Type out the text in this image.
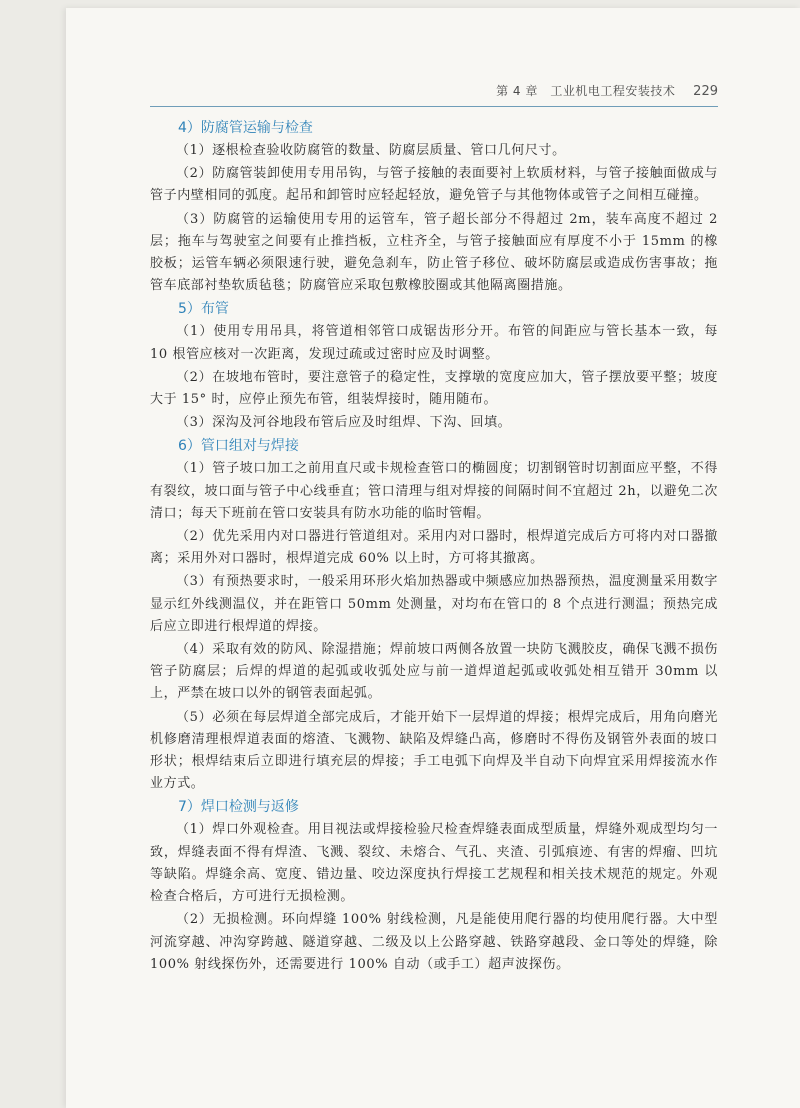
第 4 章　工业机电工程安装技术 229
4）防腐管运输与检查

（1）逐根检查验收防腐管的数量、防腐层质量、管口几何尺寸。

（2）防腐管装卸使用专用吊钩，与管子接触的表面要衬上软质材料，与管子接触面做成与管子内壁相同的弧度。起吊和卸管时应轻起轻放，避免管子与其他物体或管子之间相互碰撞。

（3）防腐管的运输使用专用的运管车，管子超长部分不得超过 2m，装车高度不超过 2 层；拖车与驾驶室之间要有止推挡板，立柱齐全，与管子接触面应有厚度不小于 15mm 的橡胶板；运管车辆必须限速行驶，避免急刹车，防止管子移位、破坏防腐层或造成伤害事故；拖管车底部衬垫软质毡毯；防腐管应采取包敷橡胶圈或其他隔离圈措施。

5）布管

（1）使用专用吊具，将管道相邻管口成锯齿形分开。布管的间距应与管长基本一致，每 10 根管应核对一次距离，发现过疏或过密时应及时调整。

（2）在坡地布管时，要注意管子的稳定性，支撑墩的宽度应加大，管子摆放要平整；坡度大于 15° 时，应停止预先布管，组装焊接时，随用随布。

（3）深沟及河谷地段布管后应及时组焊、下沟、回填。

6）管口组对与焊接

（1）管子坡口加工之前用直尺或卡规检查管口的椭圆度；切割钢管时切割面应平整，不得有裂纹，坡口面与管子中心线垂直；管口清理与组对焊接的间隔时间不宜超过 2h，以避免二次清口；每天下班前在管口安装具有防水功能的临时管帽。

（2）优先采用内对口器进行管道组对。采用内对口器时，根焊道完成后方可将内对口器撤离；采用外对口器时，根焊道完成 60% 以上时，方可将其撤离。

（3）有预热要求时，一般采用环形火焰加热器或中频感应加热器预热，温度测量采用数字显示红外线测温仪，并在距管口 50mm 处测量，对均布在管口的 8 个点进行测温；预热完成后应立即进行根焊道的焊接。

（4）采取有效的防风、除湿措施；焊前坡口两侧各放置一块防飞溅胶皮，确保飞溅不损伤管子防腐层；后焊的焊道的起弧或收弧处应与前一道焊道起弧或收弧处相互错开 30mm 以上，严禁在坡口以外的钢管表面起弧。

（5）必须在每层焊道全部完成后，才能开始下一层焊道的焊接；根焊完成后，用角向磨光机修磨清理根焊道表面的熔渣、飞溅物、缺陷及焊缝凸高，修磨时不得伤及钢管外表面的坡口形状；根焊结束后立即进行填充层的焊接；手工电弧下向焊及半自动下向焊宜采用焊接流水作业方式。

7）焊口检测与返修

（1）焊口外观检查。用目视法或焊接检验尺检查焊缝表面成型质量，焊缝外观成型均匀一致，焊缝表面不得有焊渣、飞溅、裂纹、未熔合、气孔、夹渣、引弧痕迹、有害的焊瘤、凹坑等缺陷。焊缝余高、宽度、错边量、咬边深度执行焊接工艺规程和相关技术规范的规定。外观检查合格后，方可进行无损检测。

（2）无损检测。环向焊缝 100% 射线检测，凡是能使用爬行器的均使用爬行器。大中型河流穿越、冲沟穿跨越、隧道穿越、二级及以上公路穿越、铁路穿越段、金口等处的焊缝，除 100% 射线探伤外，还需要进行 100% 自动（或手工）超声波探伤。
